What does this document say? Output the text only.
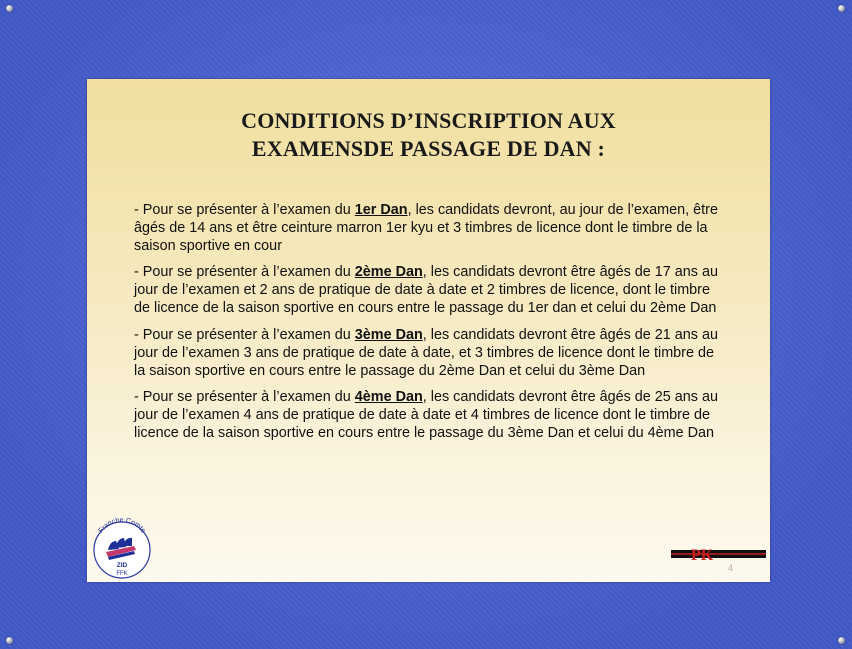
CONDITIONS D’INSCRIPTION AUX
EXAMENSDE PASSAGE DE DAN :

- Pour se présenter à l’examen du 1er Dan, les candidats devront, au jour de l’examen, être âgés de 14 ans et être ceinture marron 1er kyu et 3 timbres de licence dont le timbre de la saison sportive en cour

- Pour se présenter à l’examen du 2ème Dan, les candidats devront être âgés de 17 ans au jour de l’examen et 2 ans de pratique de date à date et 2 timbres de licence, dont le timbre de licence de la saison sportive en cours entre le passage du 1er dan et celui du 2ème Dan

- Pour se présenter à l’examen du 3ème Dan, les candidats devront être âgés de 21 ans au jour de l’examen 3 ans de pratique de date à date, et 3 timbres de licence dont le timbre de la saison sportive en cours entre le passage du 2ème Dan et celui du 3ème Dan

- Pour se présenter à l’examen du 4ème Dan, les candidats devront être âgés de 25 ans au jour de l’examen 4 ans de pratique de date à date et 4 timbres de licence dont le timbre de licence de la saison sportive en cours entre le passage du 3ème Dan et celui du 4ème Dan

Franche Comte
ZID
FFK
PK
4
